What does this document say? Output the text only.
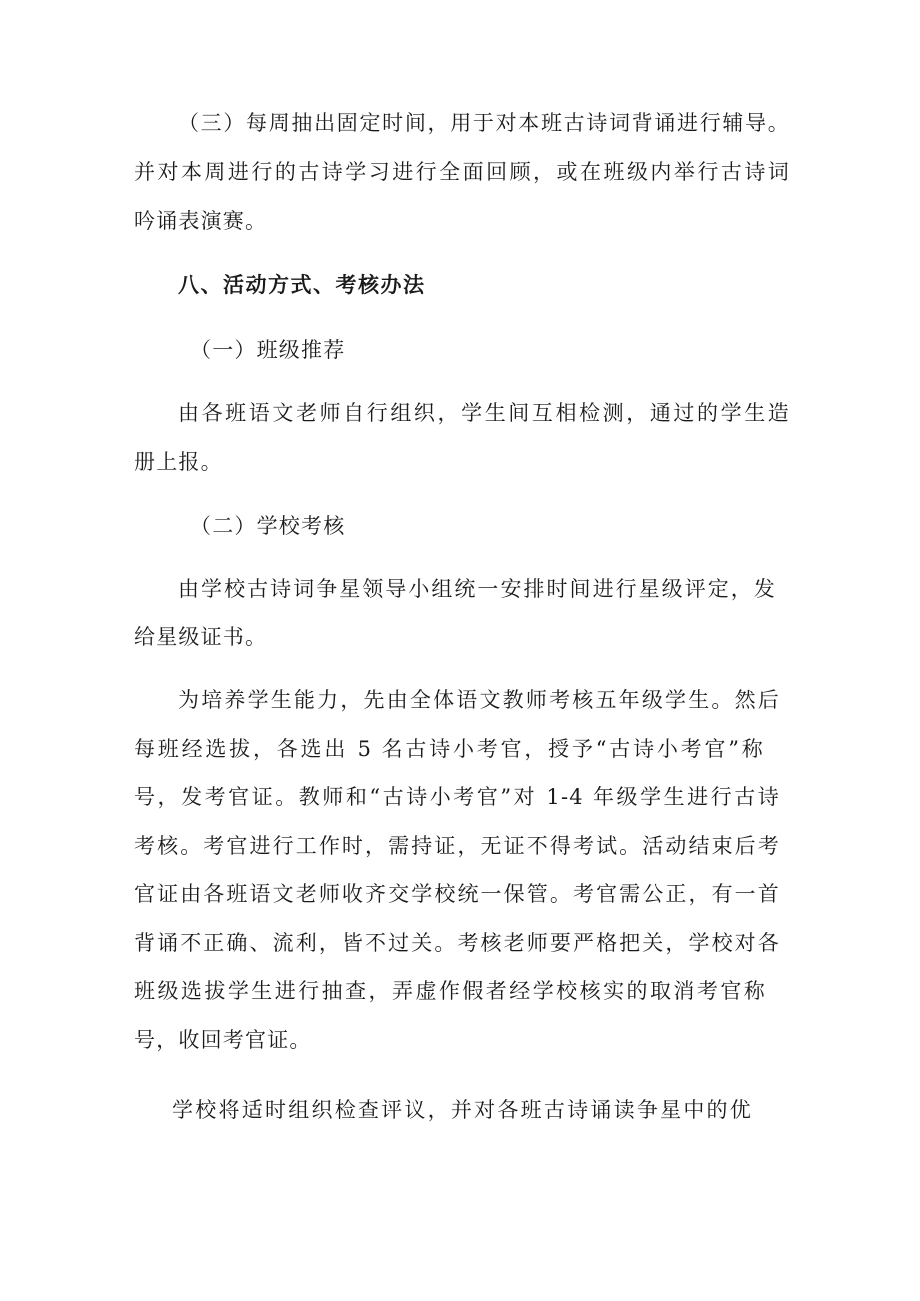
（三）每周抽出固定时间，用于对本班古诗词背诵进行辅导。
并对本周进行的古诗学习进行全面回顾，或在班级内举行古诗词
吟诵表演赛。
八、活动方式、考核办法
（一）班级推荐
由各班语文老师自行组织，学生间互相检测，通过的学生造
册上报。
（二）学校考核
由学校古诗词争星领导小组统一安排时间进行星级评定，发
给星级证书。
为培养学生能力，先由全体语文教师考核五年级学生。然后
每班经选拔，各选出 5 名古诗小考官，授予“古诗小考官”称
号，发考官证。教师和“古诗小考官”对 1-4 年级学生进行古诗
考核。考官进行工作时，需持证，无证不得考试。活动结束后考
官证由各班语文老师收齐交学校统一保管。考官需公正，有一首
背诵不正确、流利，皆不过关。考核老师要严格把关，学校对各
班级选拔学生进行抽查，弄虚作假者经学校核实的取消考官称
号，收回考官证。
学校将适时组织检查评议，并对各班古诗诵读争星中的优
